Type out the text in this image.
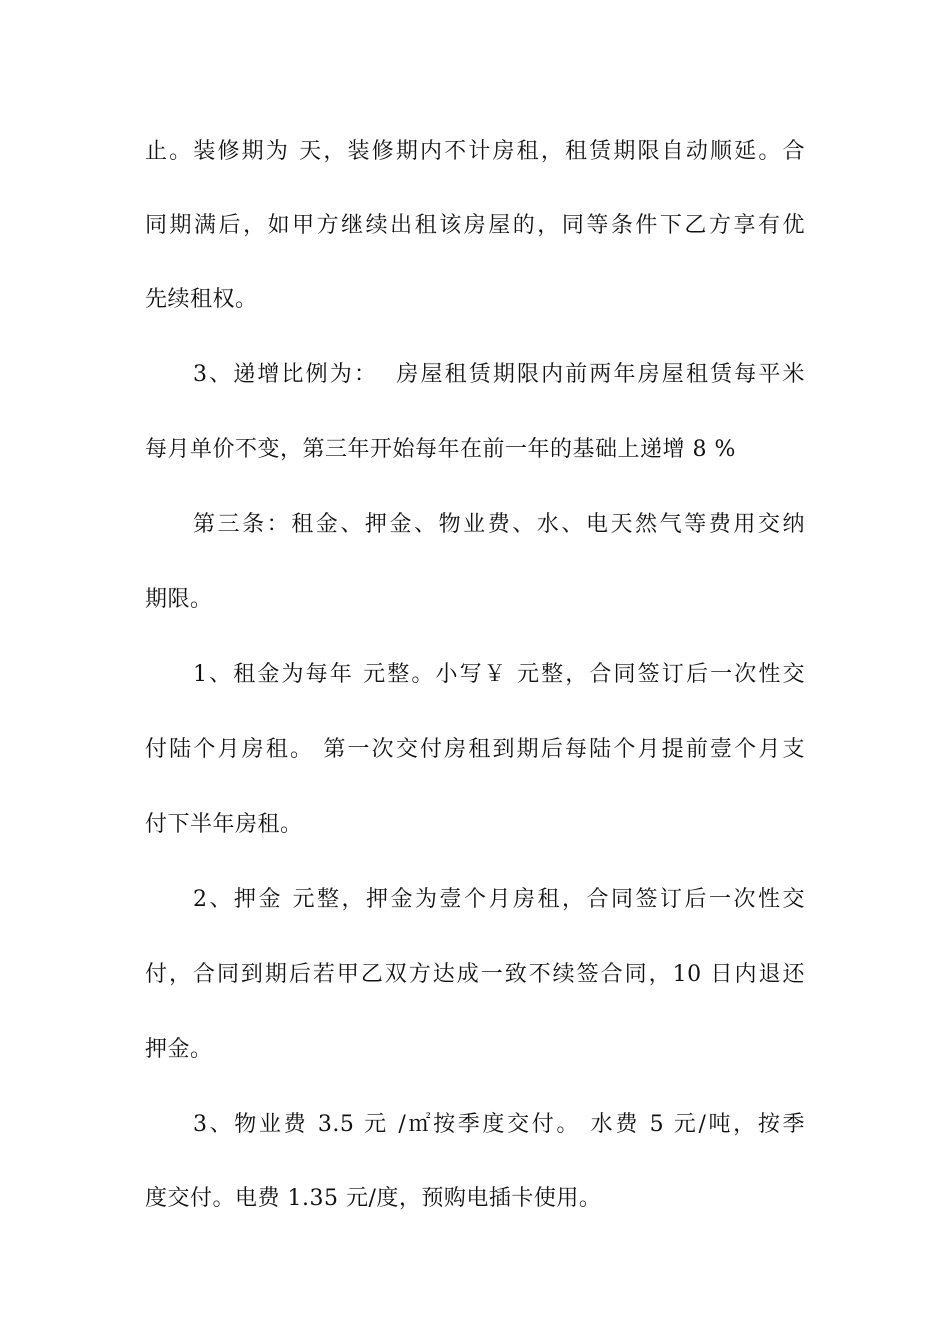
止。装修期为 天，装修期内不计房租，租赁期限自动顺延。合
同期满后，如甲方继续出租该房屋的，同等条件下乙方享有优
先续租权。
3、递增比例为：  房屋租赁期限内前两年房屋租赁每平米
每月单价不变，第三年开始每年在前一年的基础上递增 8 %
第三条：租金、押金、物业费、水、电天然气等费用交纳
期限。
1、租金为每年 元整。小写￥ 元整，合同签订后一次性交
付陆个月房租。 第一次交付房租到期后每陆个月提前壹个月支
付下半年房租。
2、押金 元整，押金为壹个月房租，合同签订后一次性交
付，合同到期后若甲乙双方达成一致不续签合同，10 日内退还
押金。
3、物业费 3.5 元 /㎡按季度交付。 水费 5 元/吨，按季
度交付。电费 1.35 元/度，预购电插卡使用。
